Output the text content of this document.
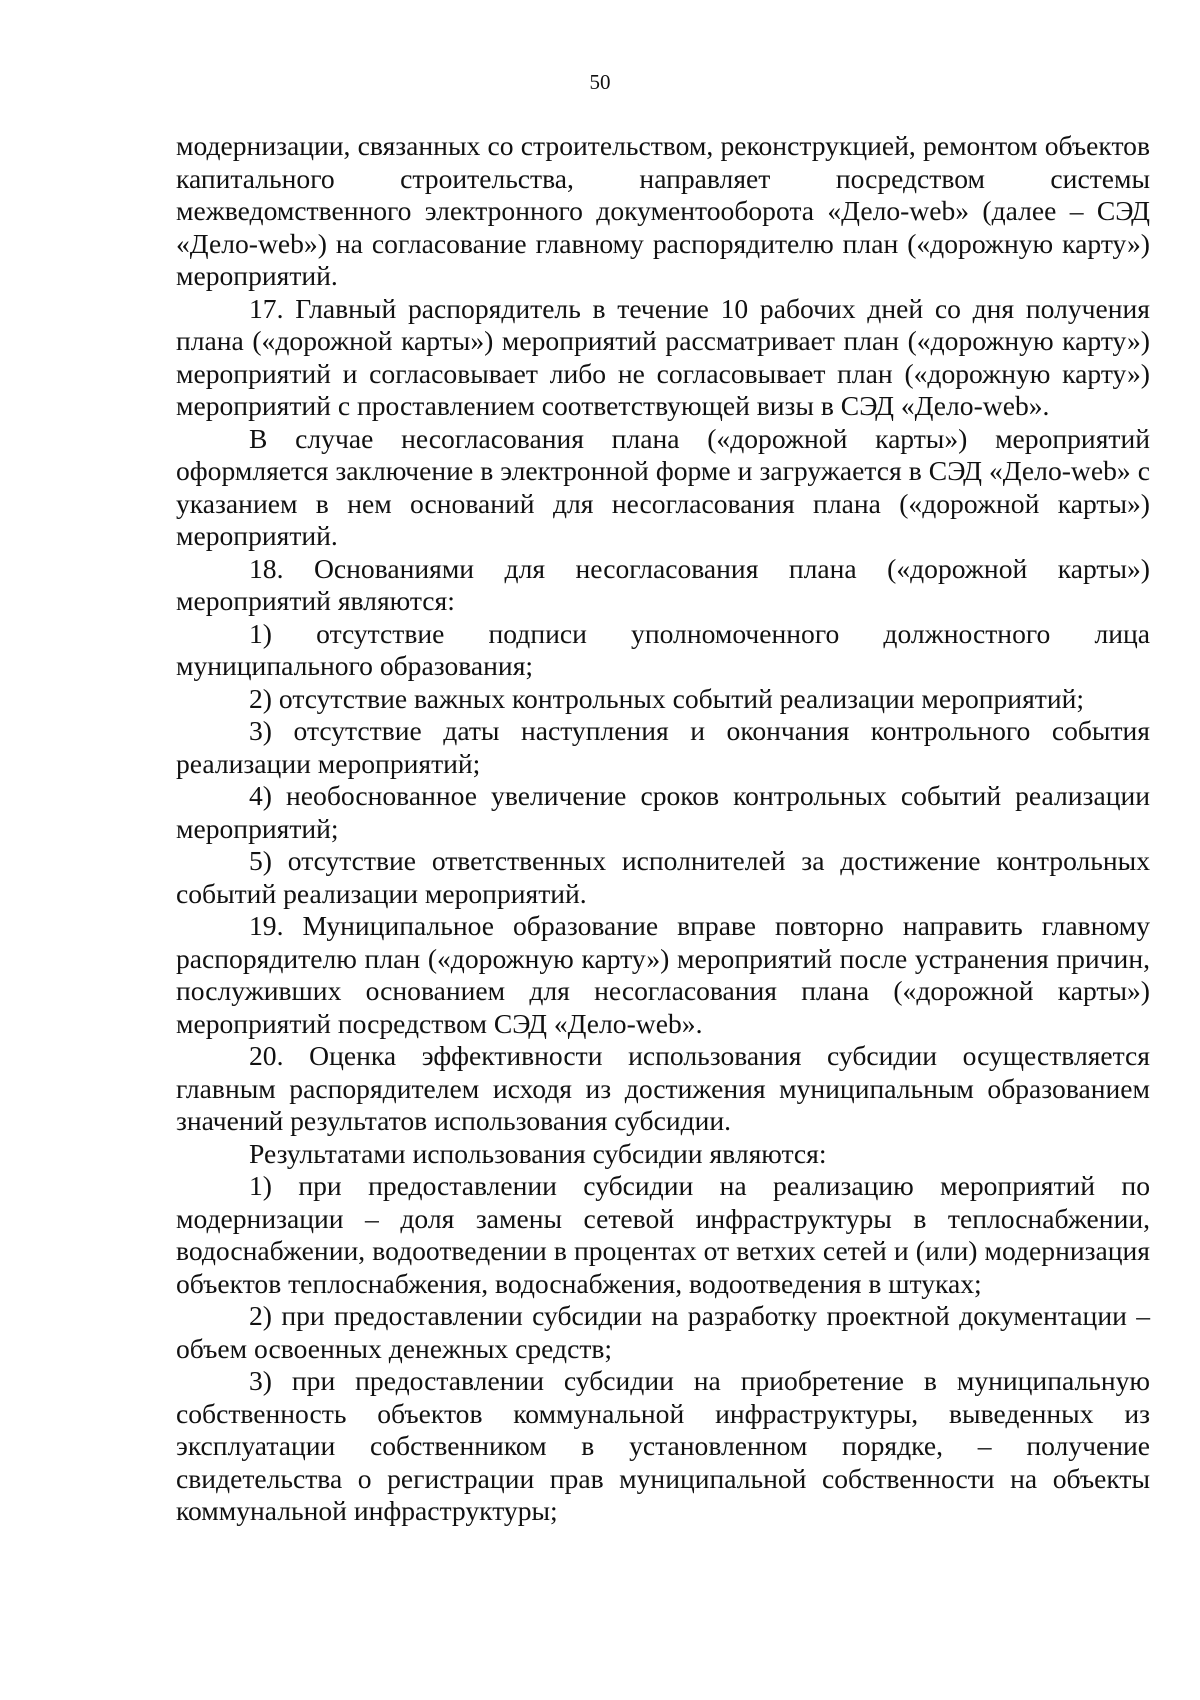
50

модернизации, связанных со строительством, реконструкцией, ремонтом объектов капитального строительства, направляет посредством системы межведомственного электронного документооборота «Дело-web» (далее – СЭД «Дело-web») на согласование главному распорядителю план («дорожную карту») мероприятий.

17. Главный распорядитель в течение 10 рабочих дней со дня получения плана («дорожной карты») мероприятий рассматривает план («дорожную карту») мероприятий и согласовывает либо не согласовывает план («дорожную карту») мероприятий с проставлением соответствующей визы в СЭД «Дело-web».

В случае несогласования плана («дорожной карты») мероприятий оформляется заключение в электронной форме и загружается в СЭД «Дело-web» с указанием в нем оснований для несогласования плана («дорожной карты») мероприятий.

18. Основаниями для несогласования плана («дорожной карты») мероприятий являются:

1) отсутствие подписи уполномоченного должностного лица муниципального образования;

2) отсутствие важных контрольных событий реализации мероприятий;

3) отсутствие даты наступления и окончания контрольного события реализации мероприятий;

4) необоснованное увеличение сроков контрольных событий реализации мероприятий;

5) отсутствие ответственных исполнителей за достижение контрольных событий реализации мероприятий.

19. Муниципальное образование вправе повторно направить главному распорядителю план («дорожную карту») мероприятий после устранения причин, послуживших основанием для несогласования плана («дорожной карты») мероприятий посредством СЭД «Дело-web».

20. Оценка эффективности использования субсидии осуществляется главным распорядителем исходя из достижения муниципальным образованием значений результатов использования субсидии.

Результатами использования субсидии являются:

1) при предоставлении субсидии на реализацию мероприятий по модернизации – доля замены сетевой инфраструктуры в теплоснабжении, водоснабжении, водоотведении в процентах от ветхих сетей и (или) модернизация объектов теплоснабжения, водоснабжения, водоотведения в штуках;

2) при предоставлении субсидии на разработку проектной документации – объем освоенных денежных средств;

3) при предоставлении субсидии на приобретение в муниципальную собственность объектов коммунальной инфраструктуры, выведенных из эксплуатации собственником в установленном порядке, – получение свидетельства о регистрации прав муниципальной собственности на объекты коммунальной инфраструктуры;
